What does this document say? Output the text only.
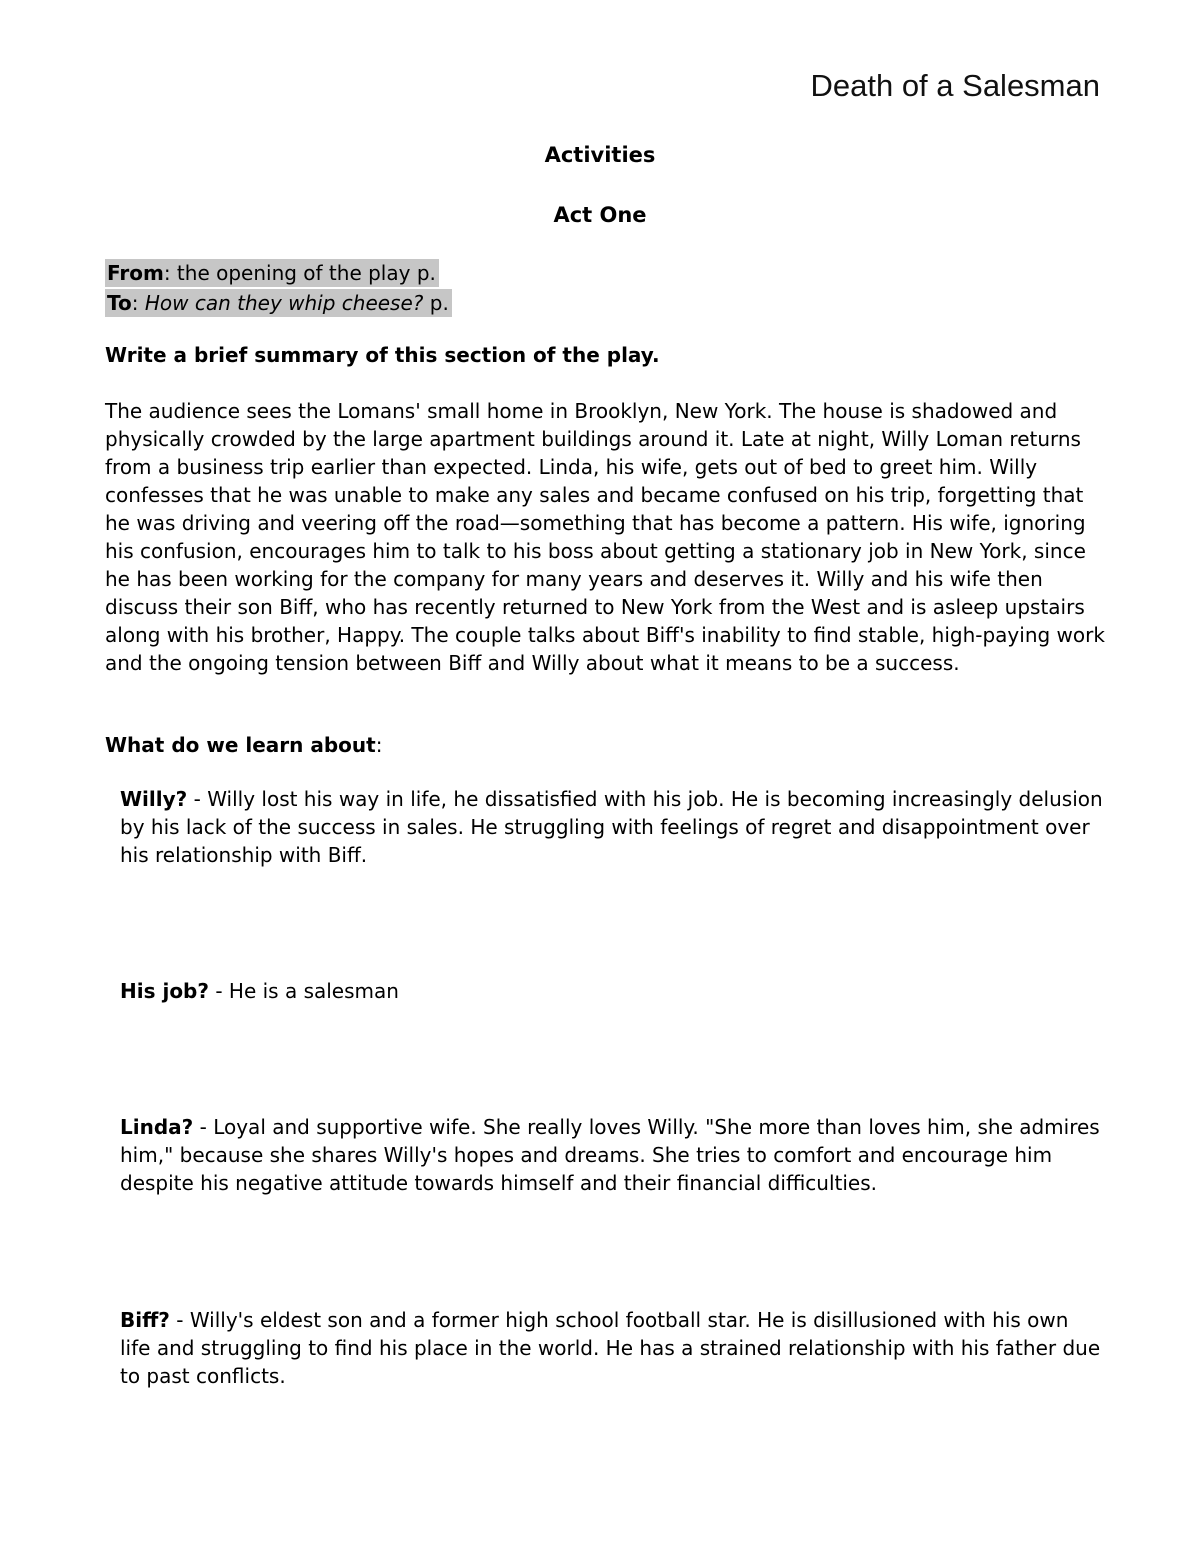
Death of a Salesman
Activities
Act One
From: the opening of the play p.
To: How can they whip cheese? p.
Write a brief summary of this section of the play.

The audience sees the Lomans' small home in Brooklyn, New York. The house is shadowed and physically crowded by the large apartment buildings around it. Late at night, Willy Loman returns from a business trip earlier than expected. Linda, his wife, gets out of bed to greet him. Willy confesses that he was unable to make any sales and became confused on his trip, forgetting that he was driving and veering off the road—something that has become a pattern. His wife, ignoring his confusion, encourages him to talk to his boss about getting a stationary job in New York, since he has been working for the company for many years and deserves it. Willy and his wife then discuss their son Biff, who has recently returned to New York from the West and is asleep upstairs along with his brother, Happy. The couple talks about Biff's inability to find stable, high-paying work and the ongoing tension between Biff and Willy about what it means to be a success.

What do we learn about:

Willy? - Willy lost his way in life, he dissatisfied with his job. He is becoming increasingly delusion by his lack of the success in sales. He struggling with feelings of regret and disappointment over his relationship with Biff.

His job? - He is a salesman

Linda? - Loyal and supportive wife. She really loves Willy. "She more than loves him, she admires him," because she shares Willy's hopes and dreams. She tries to comfort and encourage him despite his negative attitude towards himself and their financial difficulties.

Biff? - Willy's eldest son and a former high school football star. He is disillusioned with his own life and struggling to find his place in the world. He has a strained relationship with his father due to past conflicts.
